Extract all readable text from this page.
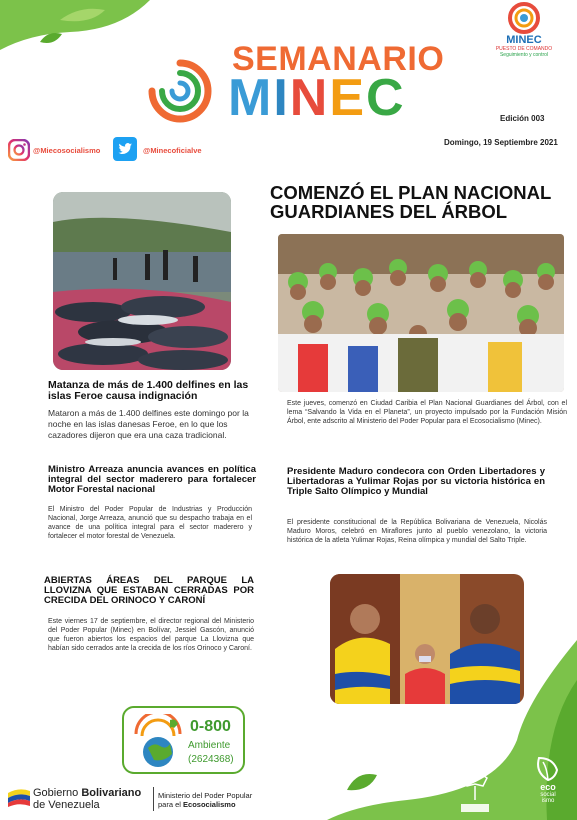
MINEC
PUESTO DE COMANDO
Seguimiento y control
SEMANARIO
MINEC	Edición 003
Domingo, 19 Septiembre 2021
@Miecosocialismo	@Minecoficialve
Matanza de más de 1.400 delfines en las islas Feroe causa indignación
Mataron a más de 1.400 delfines este domingo por la noche en las islas danesas Feroe, en lo que los cazadores dijeron que era una caza tradicional.
COMENZÓ EL PLAN NACIONAL GUARDIANES DEL ÁRBOL
Este jueves, comenzó en Ciudad Caribia el Plan Nacional Guardianes del Árbol, con el lema “Salvando la Vida en el Planeta”, un proyecto impulsado por la Fundación Misión Árbol, ente adscrito al Ministerio del Poder Popular para el Ecosocialismo (Minec).
Ministro Arreaza anuncia avances en política integral del sector maderero para fortalecer Motor Forestal nacional
El Ministro del Poder Popular de Industrias y Producción Nacional, Jorge Arreaza, anunció que su despacho trabaja en el avance de una política integral para el sector maderero y fortalecer el motor forestal de Venezuela.
Presidente Maduro condecora con Orden Libertadores y Libertadoras a Yulimar Rojas por su victoria histórica en Triple Salto Olímpico y Mundial
El presidente constitucional de la República Bolivariana de Venezuela, Nicolás Maduro Moros, celebró en Miraflores junto al pueblo venezolano, la victoria histórica de la atleta Yulimar Rojas, Reina olímpica y mundial del Salto Triple.
ABIERTAS ÁREAS DEL PARQUE LA LLOVIZNA QUE ESTABAN CERRADAS POR CRECIDA DEL ORINOCO Y CARONÍ
Este viernes 17 de septiembre, el director regional del Ministerio del Poder Popular (Minec) en Bolívar, Jessiel Gascón, anunció que fueron abiertos los espacios del parque La Llovizna que habían sido cerrados ante la crecida de los ríos Orinoco y Caroní.
0-800
Ambiente
(2624368)
Gobierno Bolivariano
de Venezuela
Ministerio del Poder Popular
para el Ecosocialismo
eco
social
ismo
